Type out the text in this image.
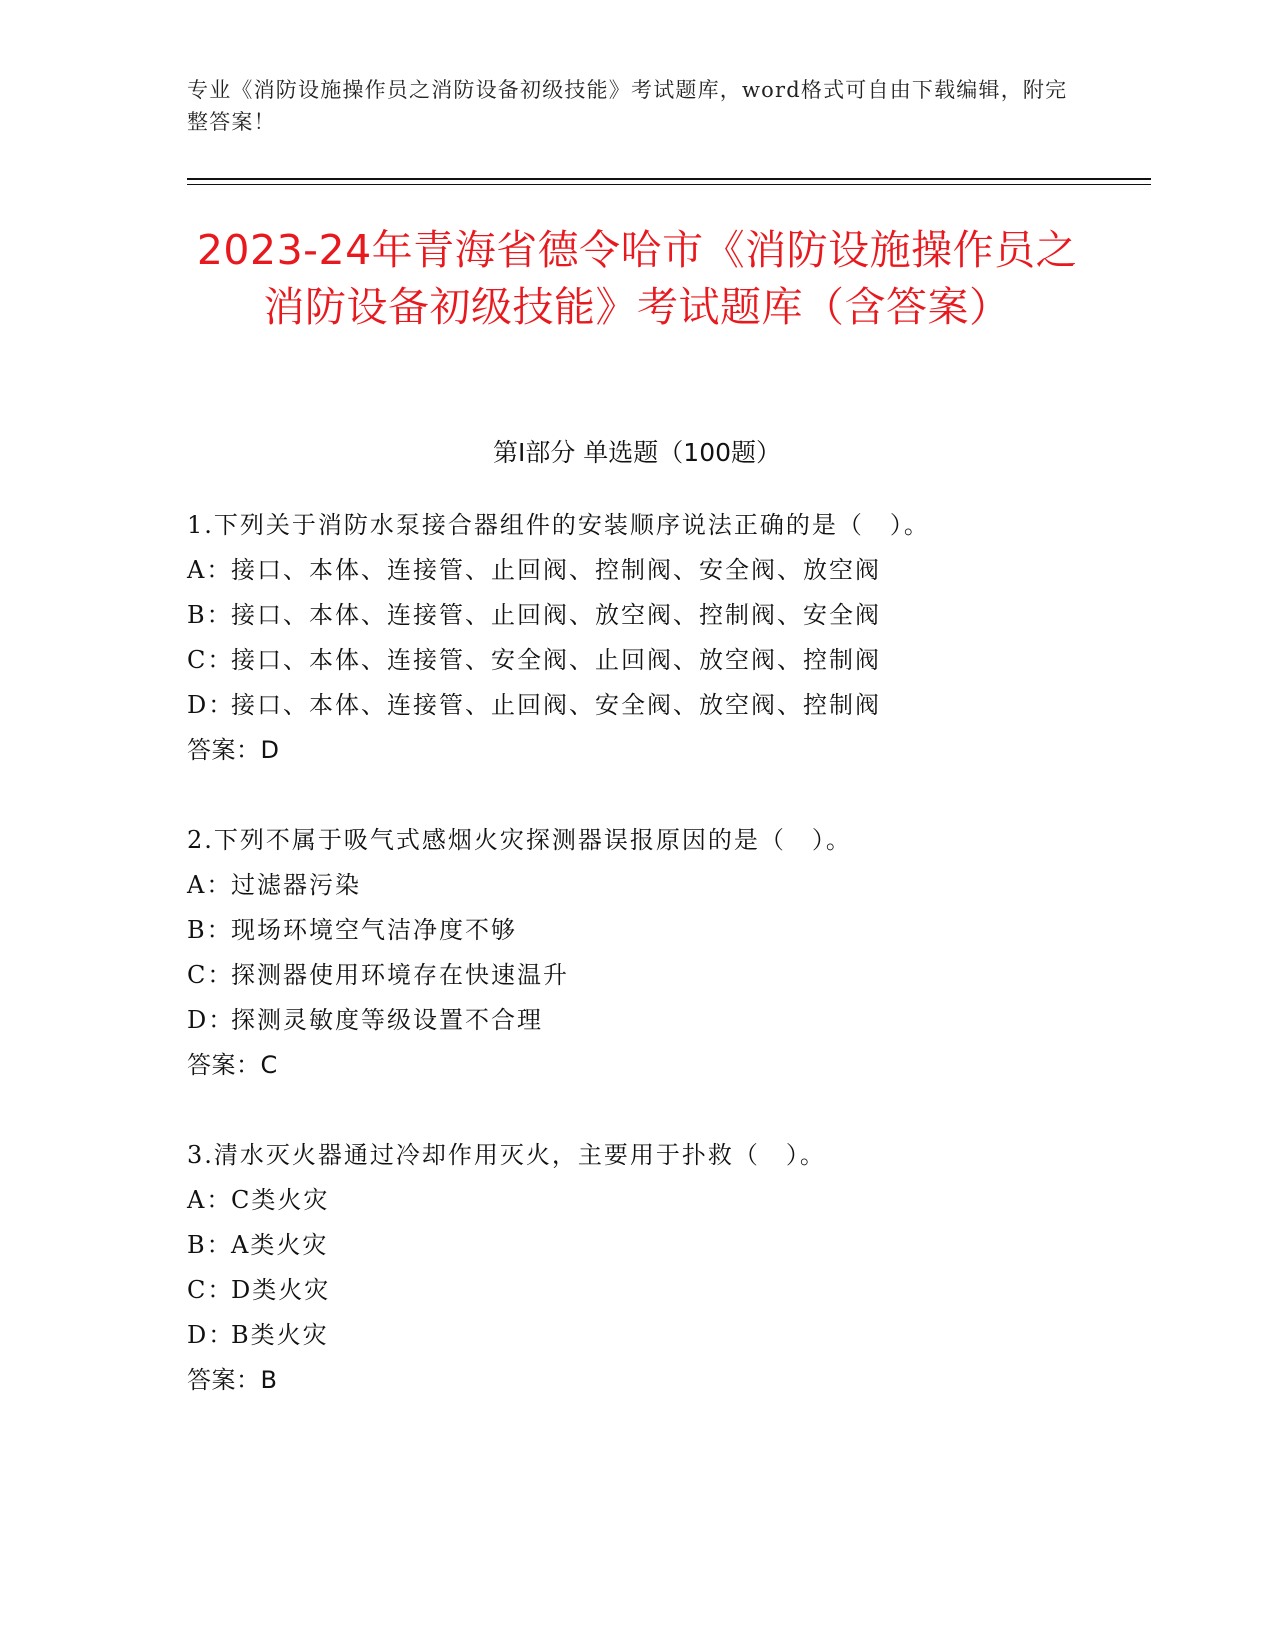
专业《消防设施操作员之消防设备初级技能》考试题库，word格式可自由下载编辑，附完整答案！
2023-24年青海省德令哈市《消防设施操作员之消防设备初级技能》考试题库（含答案）
第Ⅰ部分 单选题（100题）
1.下列关于消防水泵接合器组件的安装顺序说法正确的是（　）。
A：接口、本体、连接管、止回阀、控制阀、安全阀、放空阀
B：接口、本体、连接管、止回阀、放空阀、控制阀、安全阀
C：接口、本体、连接管、安全阀、止回阀、放空阀、控制阀
D：接口、本体、连接管、止回阀、安全阀、放空阀、控制阀
答案：D
2.下列不属于吸气式感烟火灾探测器误报原因的是（　）。
A：过滤器污染
B：现场环境空气洁净度不够
C：探测器使用环境存在快速温升
D：探测灵敏度等级设置不合理
答案：C
3.清水灭火器通过冷却作用灭火，主要用于扑救（　）。
A：C类火灾
B：A类火灾
C：D类火灾
D：B类火灾
答案：B
